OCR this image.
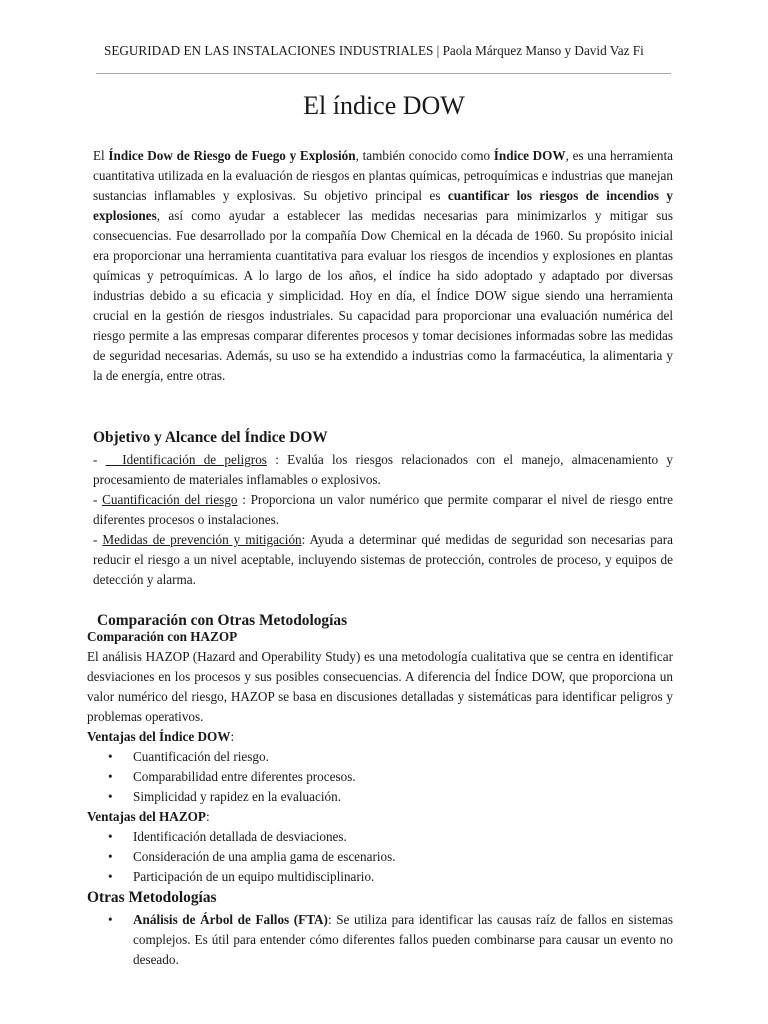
SEGURIDAD EN LAS INSTALACIONES INDUSTRIALES | Paola Márquez Manso y David Vaz Fi
El índice DOW

El Índice Dow de Riesgo de Fuego y Explosión, también conocido como Índice DOW, es una herramienta cuantitativa utilizada en la evaluación de riesgos en plantas químicas, petroquímicas e industrias que manejan sustancias inflamables y explosivas. Su objetivo principal es cuantificar los riesgos de incendios y explosiones, así como ayudar a establecer las medidas necesarias para minimizarlos y mitigar sus consecuencias. Fue desarrollado por la compañía Dow Chemical en la década de 1960. Su propósito inicial era proporcionar una herramienta cuantitativa para evaluar los riesgos de incendios y explosiones en plantas químicas y petroquímicas. A lo largo de los años, el índice ha sido adoptado y adaptado por diversas industrias debido a su eficacia y simplicidad. Hoy en día, el Índice DOW sigue siendo una herramienta crucial en la gestión de riesgos industriales. Su capacidad para proporcionar una evaluación numérica del riesgo permite a las empresas comparar diferentes procesos y tomar decisiones informadas sobre las medidas de seguridad necesarias. Además, su uso se ha extendido a industrias como la farmacéutica, la alimentaria y la de energía, entre otras.

Objetivo y Alcance del Índice DOW
-   Identificación de peligros : Evalúa los riesgos relacionados con el manejo, almacenamiento y procesamiento de materiales inflamables o explosivos.
- Cuantificación del riesgo : Proporciona un valor numérico que permite comparar el nivel de riesgo entre diferentes procesos o instalaciones.
- Medidas de prevención y mitigación: Ayuda a determinar qué medidas de seguridad son necesarias para reducir el riesgo a un nivel aceptable, incluyendo sistemas de protección, controles de proceso, y equipos de detección y alarma.
Comparación con Otras Metodologías
Comparación con HAZOP

El análisis HAZOP (Hazard and Operability Study) es una metodología cualitativa que se centra en identificar desviaciones en los procesos y sus posibles consecuencias. A diferencia del Índice DOW, que proporciona un valor numérico del riesgo, HAZOP se basa en discusiones detalladas y sistemáticas para identificar peligros y problemas operativos.

Ventajas del Índice DOW:
• Cuantificación del riesgo.
• Comparabilidad entre diferentes procesos.
• Simplicidad y rapidez en la evaluación.
Ventajas del HAZOP:
• Identificación detallada de desviaciones.
• Consideración de una amplia gama de escenarios.
• Participación de un equipo multidisciplinario.
Otras Metodologías
• Análisis de Árbol de Fallos (FTA): Se utiliza para identificar las causas raíz de fallos en sistemas complejos. Es útil para entender cómo diferentes fallos pueden combinarse para causar un evento no deseado.
